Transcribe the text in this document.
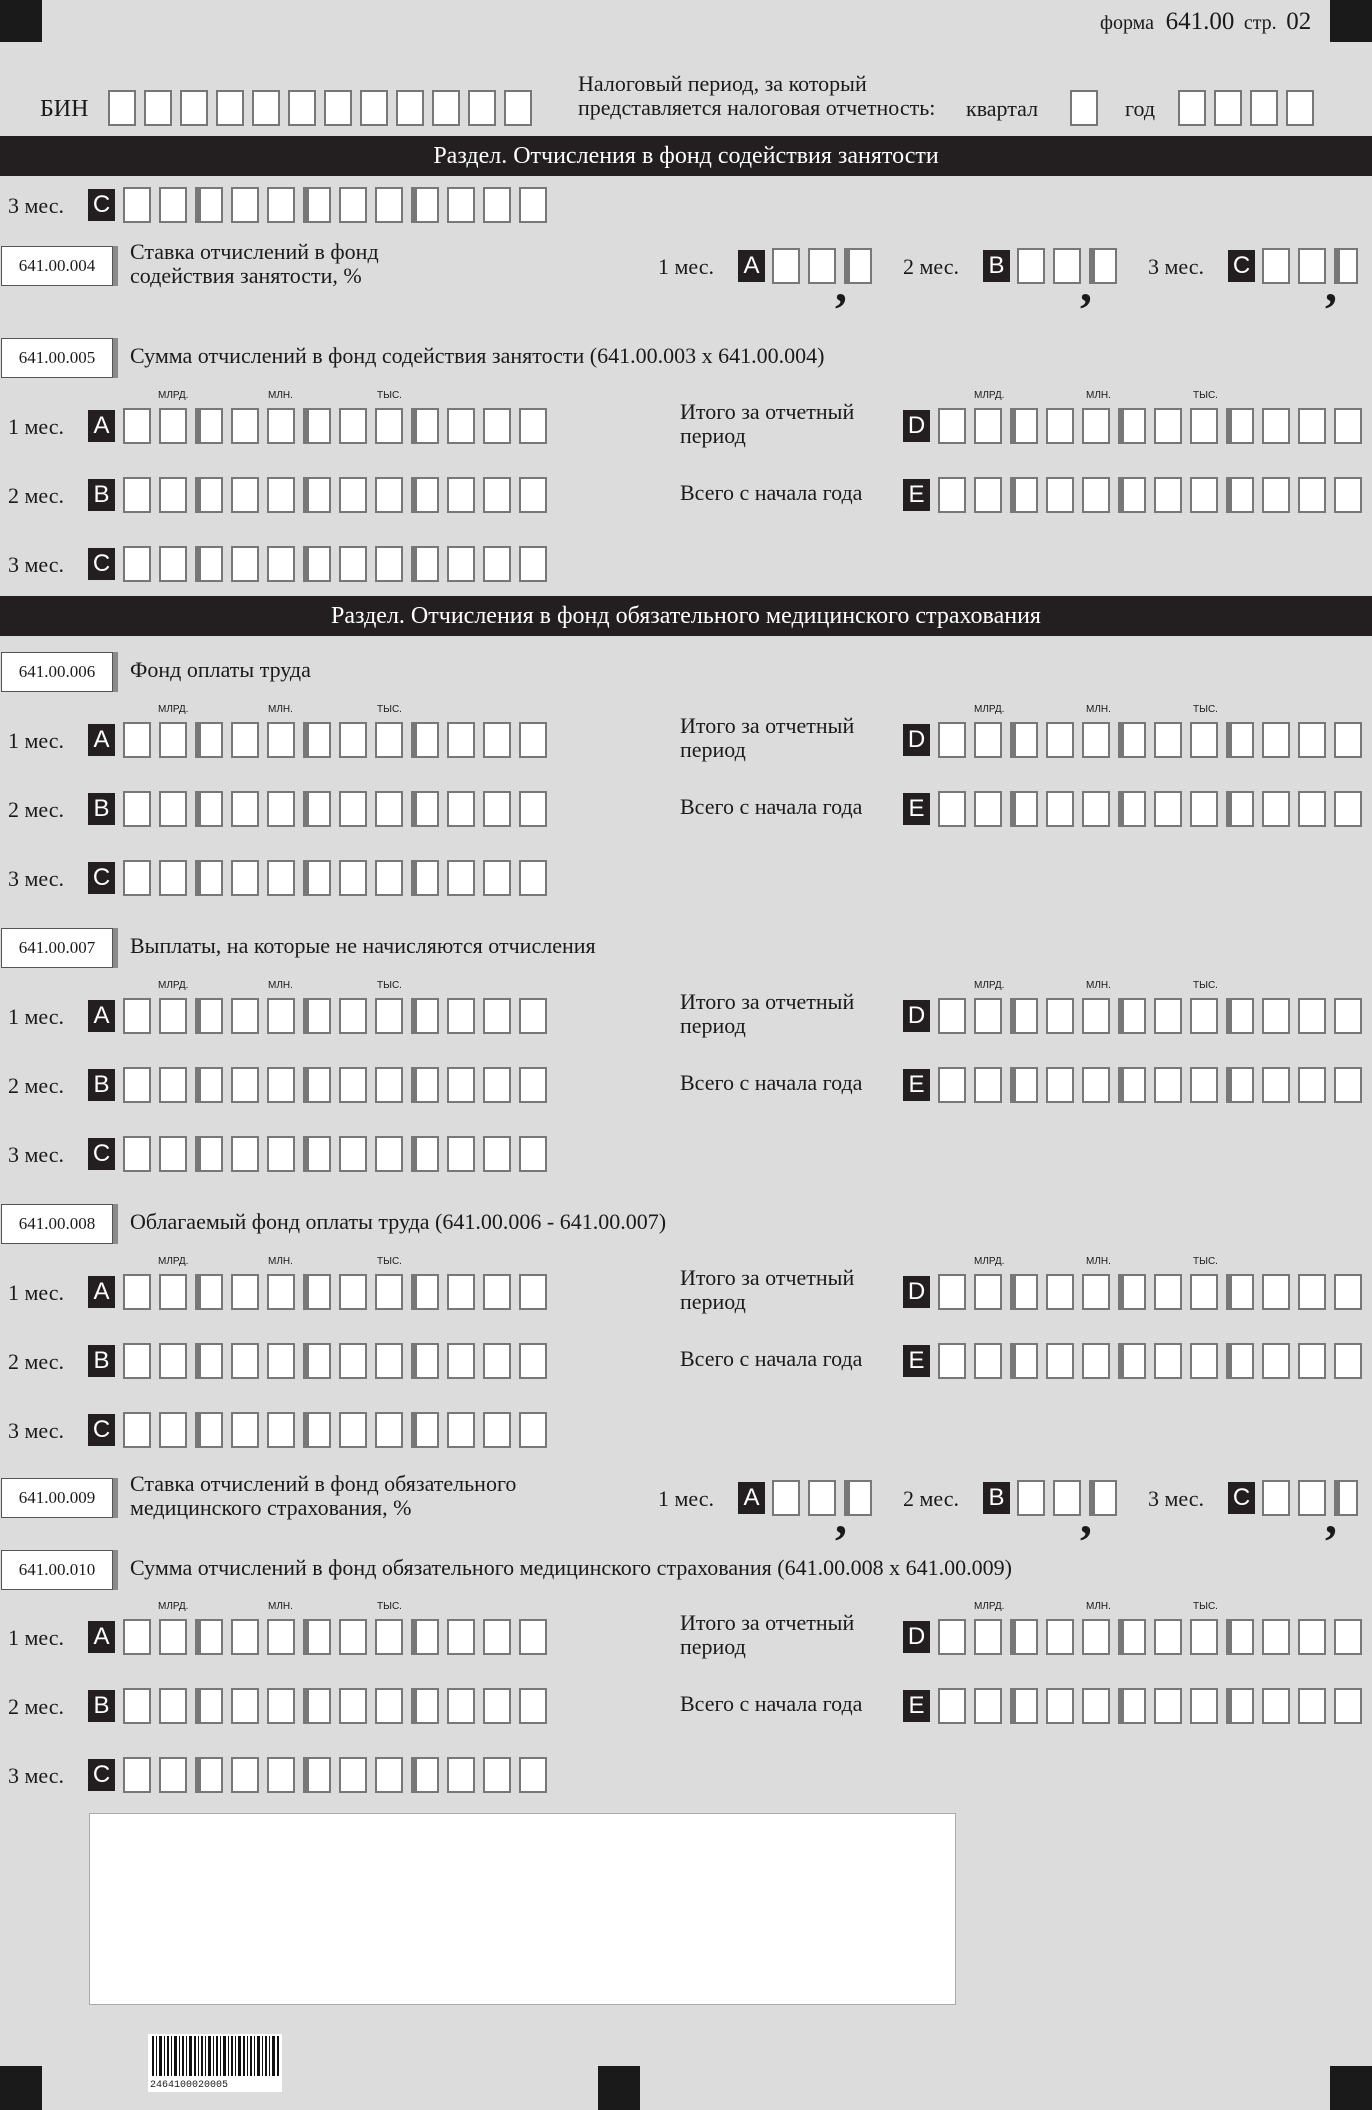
форма 641.00 стр. 02
БИН
Налоговый период, за который
представляется налоговая отчетность: квартал	год
Раздел. Отчисления в фонд содействия занятости
3 мес. C
641.00.004
Ставка отчислений в фонд
содействия занятости, %	1 мес. A ,	2 мес. B ,	3 мес. C ,
641.00.005	Сумма отчислений в фонд содействия занятости (641.00.003 x 641.00.004)
МЛРД.	МЛН.	ТЫС.	МЛРД.	МЛН.	ТЫС.
1 мес. A
2 мес. B
3 мес. C
Итого за отчетный
период	D
Всего с начала года E
Раздел. Отчисления в фонд обязательного медицинского страхования
641.00.006	Фонд оплаты труда
МЛРД.	МЛН.	ТЫС.	МЛРД.	МЛН.	ТЫС.
1 мес. A
2 мес. B
3 мес. C
Итого за отчетный
период	D
Всего с начала года E
641.00.007	Выплаты, на которые не начисляются отчисления
МЛРД.	МЛН.	ТЫС.	МЛРД.	МЛН.	ТЫС.
1 мес. A
2 мес. B
3 мес. C
Итого за отчетный
период	D
Всего с начала года E
641.00.008	Облагаемый фонд оплаты труда (641.00.006 - 641.00.007)
МЛРД.	МЛН.	ТЫС.	МЛРД.	МЛН.	ТЫС.
1 мес. A
2 мес. B
3 мес. C
Итого за отчетный
период	D
Всего с начала года E
641.00.009
Ставка отчислений в фонд обязательного
медицинского страхования, %	1 мес. A ,	2 мес. B ,	3 мес. C ,
641.00.010	Сумма отчислений в фонд обязательного медицинского страхования (641.00.008 x 641.00.009)
МЛРД.	МЛН.	ТЫС.	МЛРД.	МЛН.	ТЫС.
1 мес. A
2 мес. B
3 мес. C
Итого за отчетный
период	D
Всего с начала года E
2464100020005
